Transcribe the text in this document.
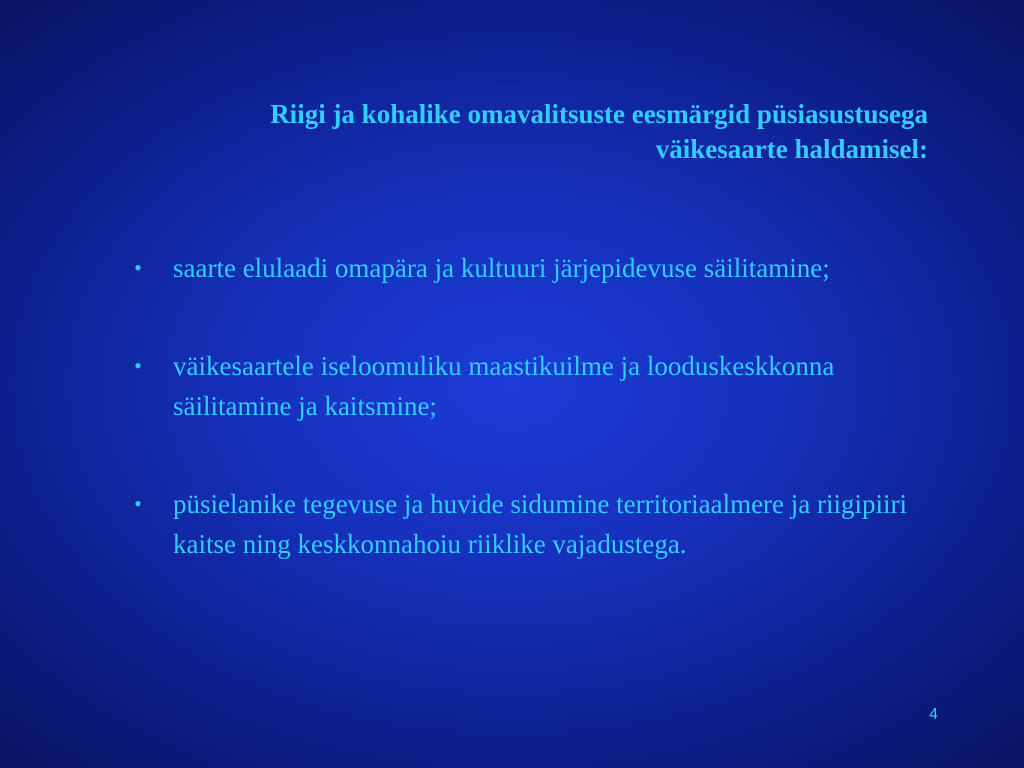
Riigi ja kohalike omavalitsuste eesmärgid püsiasustusega
väikesaarte haldamisel:
• saarte elulaadi omapära ja kultuuri järjepidevuse säilitamine;
• väikesaartele iseloomuliku maastikuilme ja looduskeskkonna säilitamine ja kaitsmine;
• püsielanike tegevuse ja huvide sidumine territoriaalmere ja riigipiiri kaitse ning keskkonnahoiu riiklike vajadustega.
4
